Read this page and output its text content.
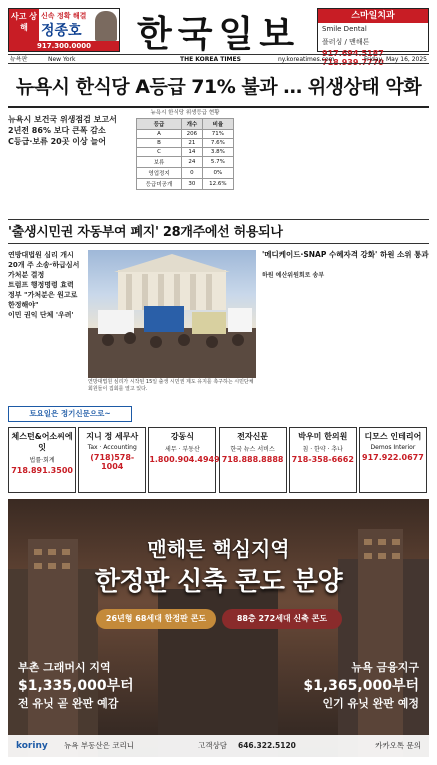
사고 상해
신속 정확 해결
정종호
917.300.0000	한국일보	스마일치과
Smile Dental
플러싱 / 맨해튼
917.694.5187
718.939.7770
뉴욕판	New York	THE KOREA TIMES	ny.koreatimes.com	Friday, May 16, 2025
뉴욕시 한식당 A등급 71% 불과 … 위생상태 악화
뉴욕시 보건국 위생점검 보고서
2년전 86% 보다 큰폭 감소
C등급·보류 20곳 이상 늘어
뉴욕시 한식당 위생등급 현황
등급	개수	비율
A	206	71%
B	21	7.6%
C	14	3.8%
보류	24	5.7%
영업정지	0	0%
등급미공개	30	12.6%
'출생시민권 자동부여 폐지' 28개주에선 허용되나
연방대법원 심리 개시
20개 주 소송·하급심서 가처분 결정
트럼프 행정명령 효력
정부 "가처분은 원고로 한정해야"
이민 권익 단체 '우려'
연방대법원 심리가 시작된 15일 출생 시민권 제도 유지를 촉구하는 시민단체 회원들이 집회를 열고 있다.
'메디케이드·SNAP 수혜자격 강화' 하원 소위 통과
하원 예산위원회로 송부
토요일은 정기신문으로~
체스턴&어소씨에잇
법률·회계
718.891.3500
지니 정 세무사
Tax · Accounting
(718)578-1004
강동식
세무 · 부동산
1.800.904.4949
전자신문
한국 뉴스 서비스
718.888.8888
박우미 한의원
침 · 한약 · 추나
718-358-6662
디모스 인테리어
Demos Interior
917.922.0677
맨해튼 핵심지역
한정판 신축 콘도 분양
26년형 68세대 한정판 콘도	88층 272세대 신축 콘도
부촌 그래머시 지역
$1,335,000부터
전 유닛 곧 완판 예감
뉴욕 금융지구
$1,365,000부터
인기 유닛 완판 예정
koriny 뉴욕 부동산은 코리니	고객상담 646.322.5120	카카오톡 문의
